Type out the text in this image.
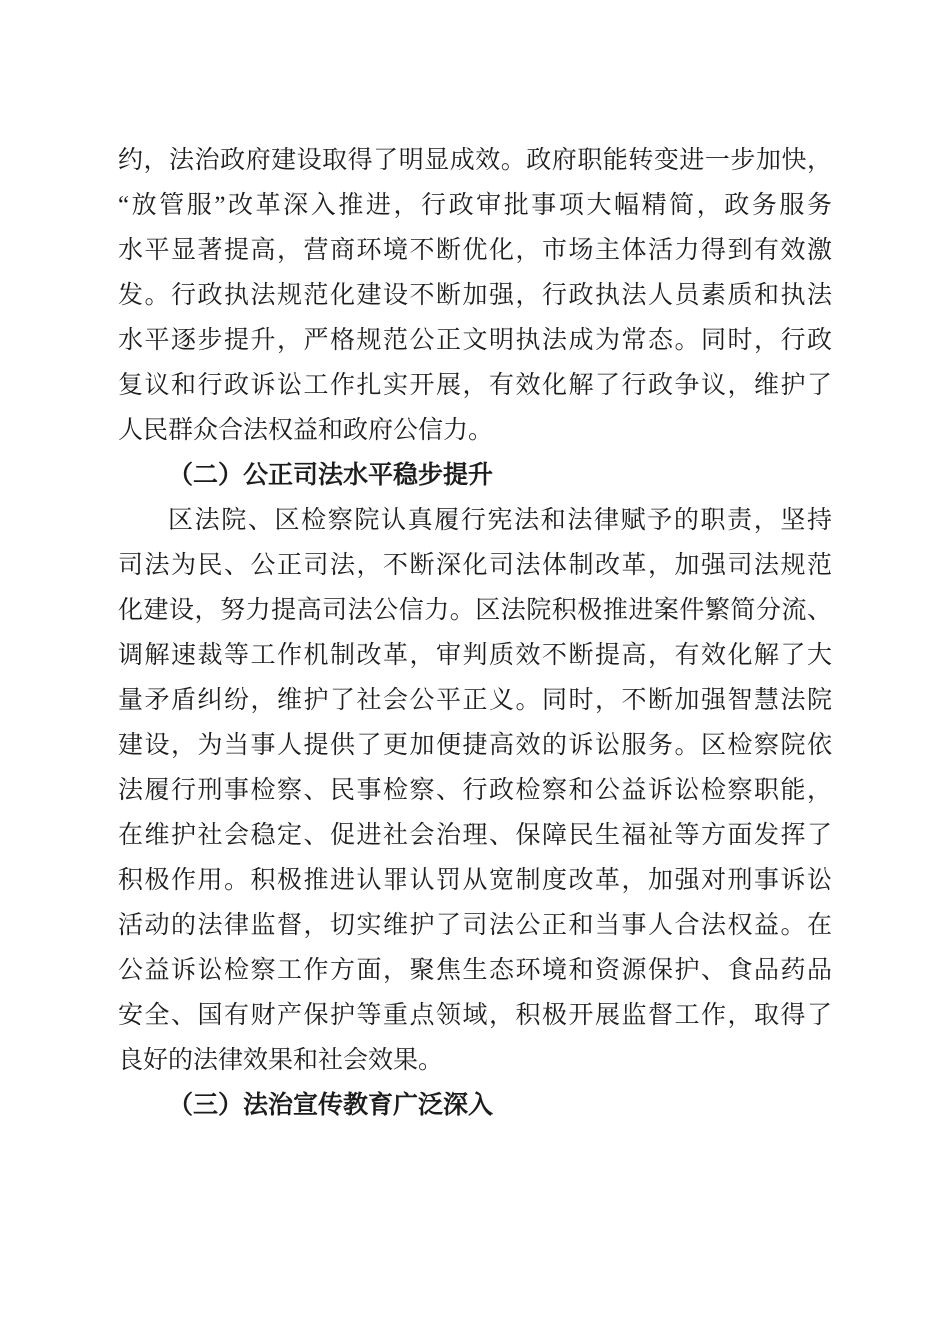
约，法治政府建设取得了明显成效。政府职能转变进一步加快，
“放管服”改革深入推进，行政审批事项大幅精简，政务服务
水平显著提高，营商环境不断优化，市场主体活力得到有效激
发。行政执法规范化建设不断加强，行政执法人员素质和执法
水平逐步提升，严格规范公正文明执法成为常态。同时，行政
复议和行政诉讼工作扎实开展，有效化解了行政争议，维护了
人民群众合法权益和政府公信力。
（二）公正司法水平稳步提升
区法院、区检察院认真履行宪法和法律赋予的职责，坚持
司法为民、公正司法，不断深化司法体制改革，加强司法规范
化建设，努力提高司法公信力。区法院积极推进案件繁简分流、
调解速裁等工作机制改革，审判质效不断提高，有效化解了大
量矛盾纠纷，维护了社会公平正义。同时，不断加强智慧法院
建设，为当事人提供了更加便捷高效的诉讼服务。区检察院依
法履行刑事检察、民事检察、行政检察和公益诉讼检察职能，
在维护社会稳定、促进社会治理、保障民生福祉等方面发挥了
积极作用。积极推进认罪认罚从宽制度改革，加强对刑事诉讼
活动的法律监督，切实维护了司法公正和当事人合法权益。在
公益诉讼检察工作方面，聚焦生态环境和资源保护、食品药品
安全、国有财产保护等重点领域，积极开展监督工作，取得了
良好的法律效果和社会效果。
（三）法治宣传教育广泛深入
